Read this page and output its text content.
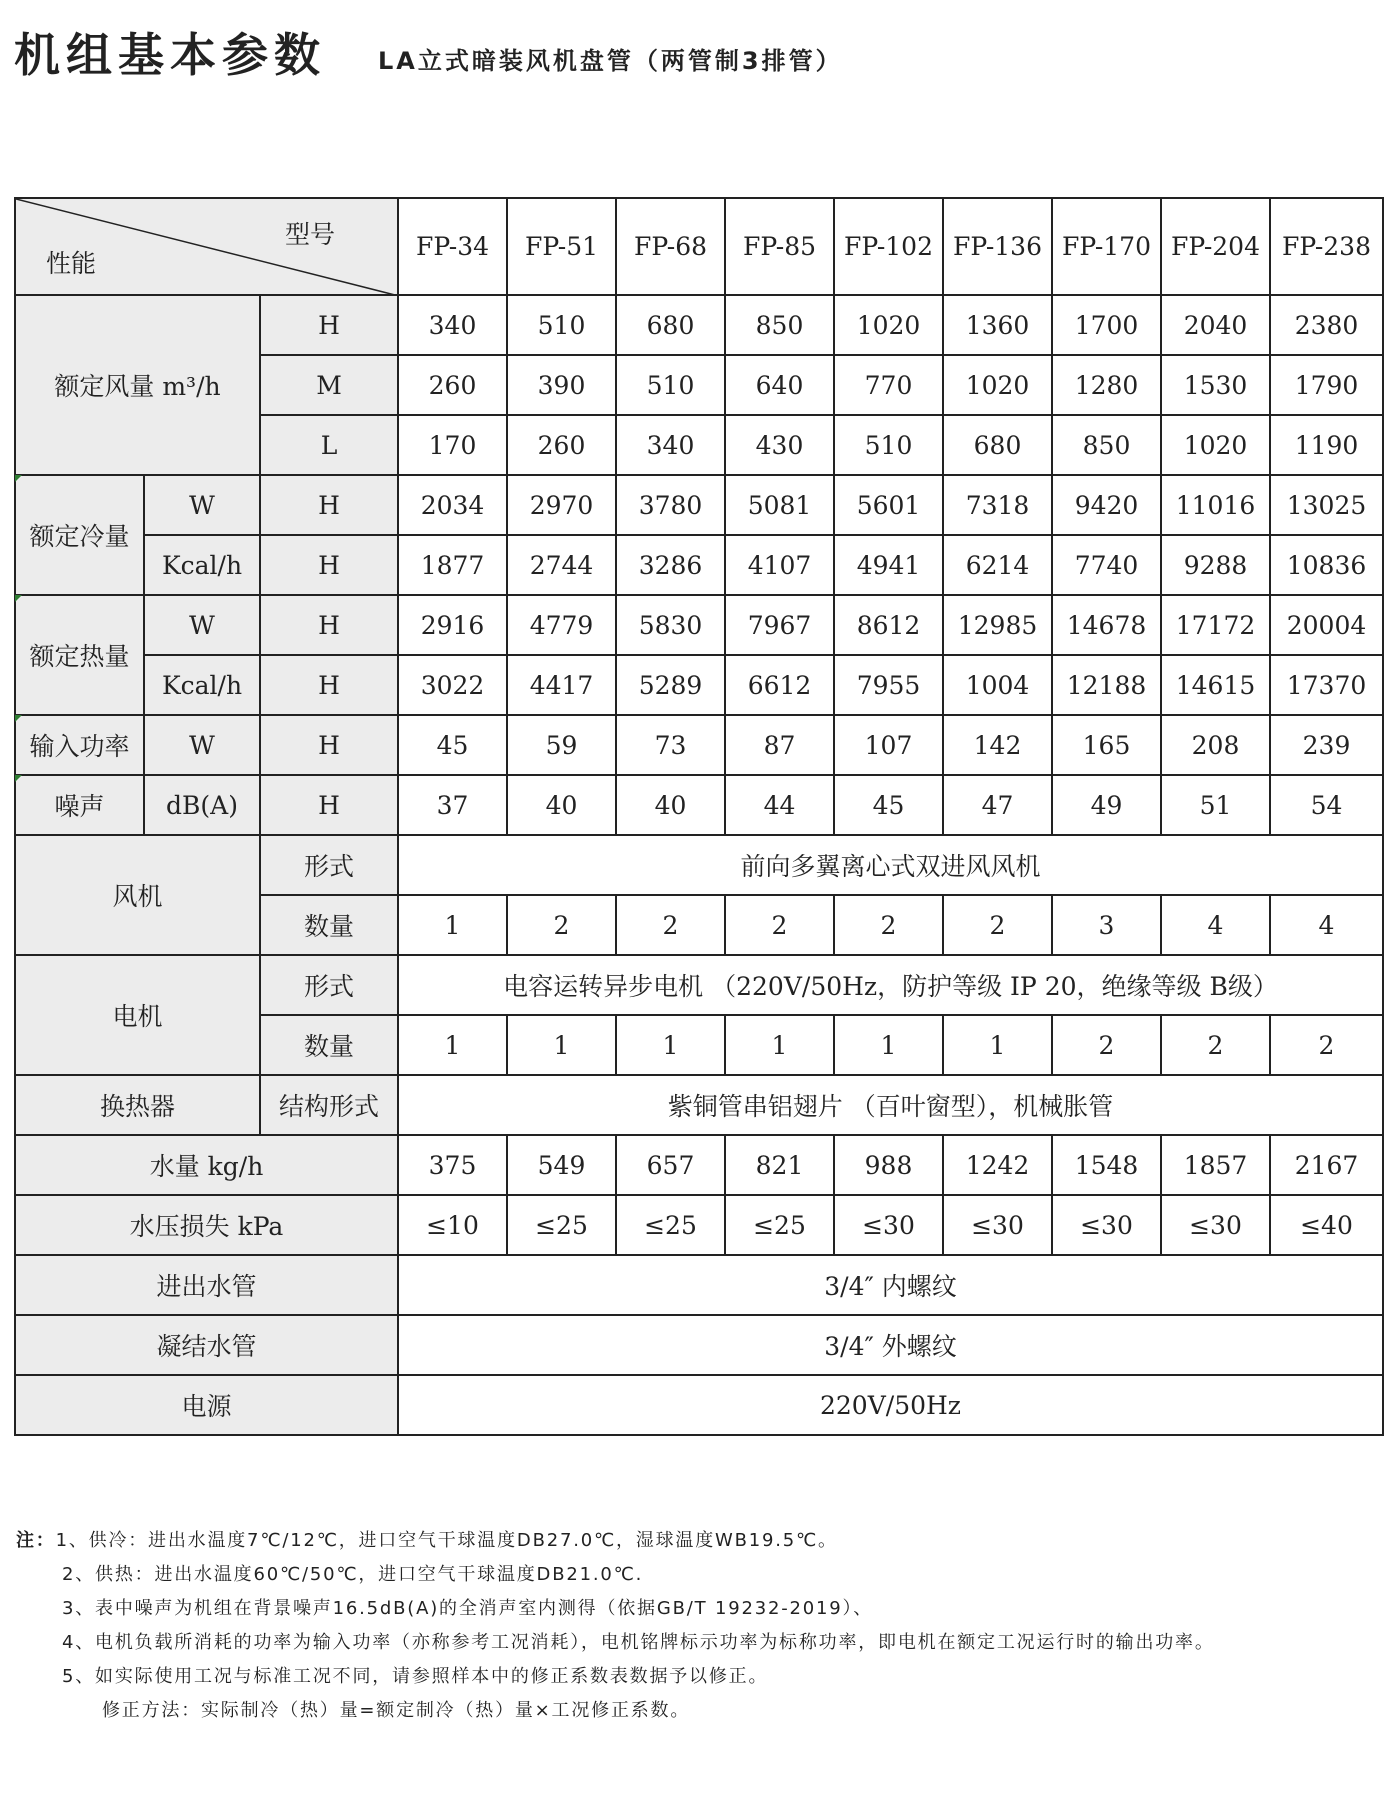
机组基本参数 LA立式暗装风机盘管（两管制3排管）
型号
性能			FP-34	FP-51	FP-68	FP-85	FP-102	FP-136	FP-170	FP-204	FP-238
额定风量 m³/h		H	340	510	680	850	1020	1360	1700	2040	2380
		M	260	390	510	640	770	1020	1280	1530	1790
		L	170	260	340	430	510	680	850	1020	1190
额定冷量	W	H	2034	2970	3780	5081	5601	7318	9420	11016	13025
	Kcal/h	H	1877	2744	3286	4107	4941	6214	7740	9288	10836
额定热量	W	H	2916	4779	5830	7967	8612	12985	14678	17172	20004
	Kcal/h	H	3022	4417	5289	6612	7955	1004	12188	14615	17370
输入功率	W	H	45	59	73	87	107	142	165	208	239
噪声	dB(A)	H	37	40	40	44	45	47	49	51	54
风机		形式	前向多翼离心式双进风风机								
		数量	1	2	2	2	2	2	3	4	4
电机		形式	电容运转异步电机 （220V/50Hz，防护等级 IP 20，绝缘等级 B级）								
		数量	1	1	1	1	1	1	2	2	2
换热器		结构形式	紫铜管串铝翅片 （百叶窗型），机械胀管								
水量 kg/h			375	549	657	821	988	1242	1548	1857	2167
水压损失 kPa			≤10	≤25	≤25	≤25	≤30	≤30	≤30	≤30	≤40
进出水管			3/4″ 内螺纹								
凝结水管			3/4″ 外螺纹								
电源			220V/50Hz								
注：1、供冷：进出水温度7℃/12℃，进口空气干球温度DB27.0℃，湿球温度WB19.5℃。
2、供热：进出水温度60℃/50℃，进口空气干球温度DB21.0℃.
3、表中噪声为机组在背景噪声16.5dB(A)的全消声室内测得（依据GB/T 19232-2019）、
4、电机负载所消耗的功率为输入功率（亦称参考工况消耗），电机铭牌标示功率为标称功率，即电机在额定工况运行时的输出功率。
5、如实际使用工况与标准工况不同，请参照样本中的修正系数表数据予以修正。
修正方法：实际制冷（热）量=额定制冷（热）量×工况修正系数。
